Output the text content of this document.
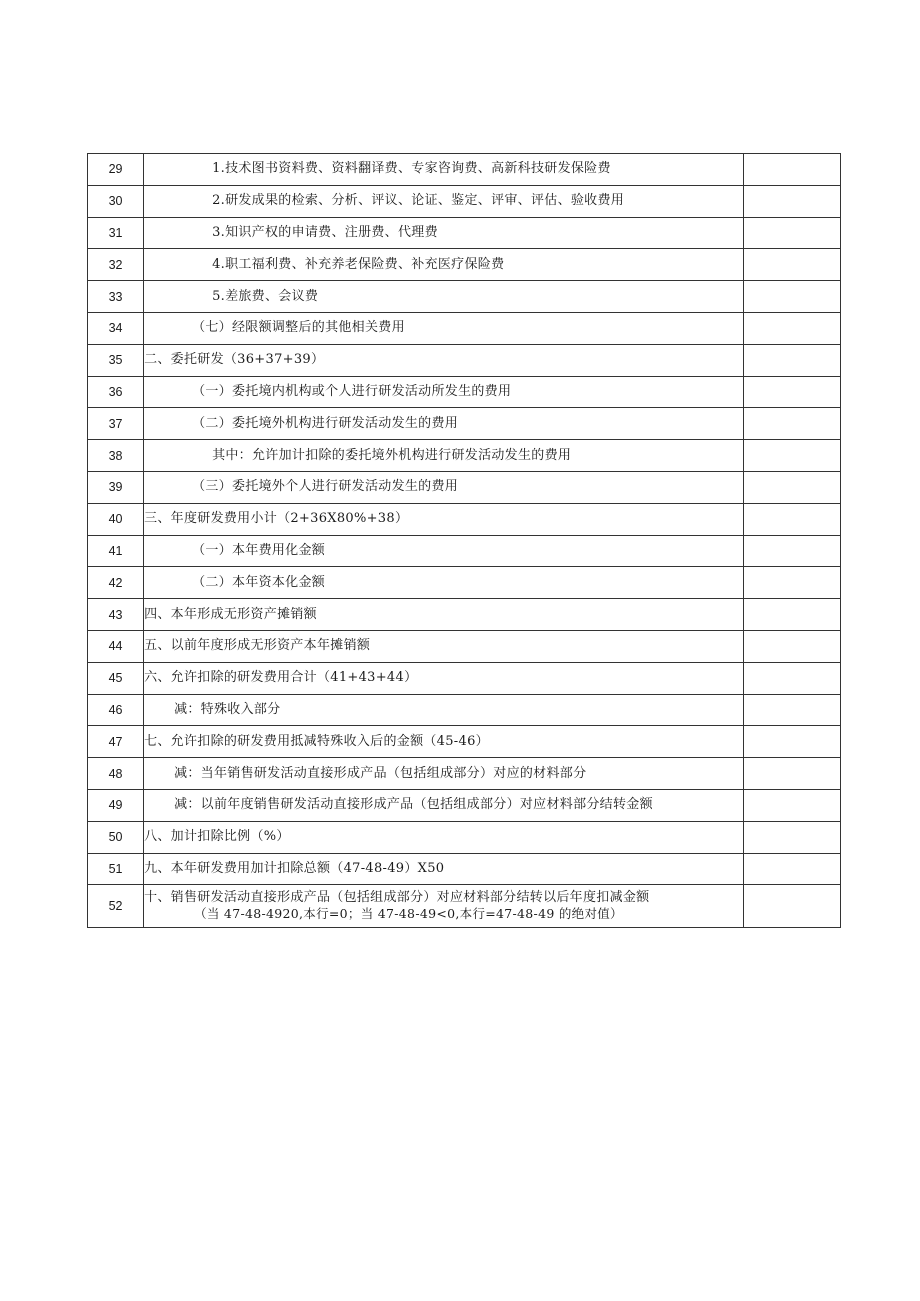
29	1.技术图书资料费、资料翻译费、专家咨询费、高新科技研发保险费	
30	2.研发成果的检索、分析、评议、论证、鉴定、评审、评估、验收费用	
31	3.知识产权的申请费、注册费、代理费	
32	4.职工福利费、补充养老保险费、补充医疗保险费	
33	5.差旅费、会议费	
34	（七）经限额调整后的其他相关费用	
35	二、委托研发（36+37+39）	
36	（一）委托境内机构或个人进行研发活动所发生的费用	
37	（二）委托境外机构进行研发活动发生的费用	
38	其中：允许加计扣除的委托境外机构进行研发活动发生的费用	
39	（三）委托境外个人进行研发活动发生的费用	
40	三、年度研发费用小计（2+36X80%+38）	
41	（一）本年费用化金额	
42	（二）本年资本化金额	
43	四、本年形成无形资产摊销额	
44	五、以前年度形成无形资产本年摊销额	
45	六、允许扣除的研发费用合计（41+43+44）	
46	减：特殊收入部分	
47	七、允许扣除的研发费用抵减特殊收入后的金额（45-46）	
48	减：当年销售研发活动直接形成产品（包括组成部分）对应的材料部分	
49	减：以前年度销售研发活动直接形成产品（包括组成部分）对应材料部分结转金额	
50	八、加计扣除比例（%）	
51	九、本年研发费用加计扣除总额（47-48-49）X50	
52	十、销售研发活动直接形成产品（包括组成部分）对应材料部分结转以后年度扣减金额
（当 47-48-4920,本行=0；当 47-48-49<0,本行=47-48-49 的绝对值）	
